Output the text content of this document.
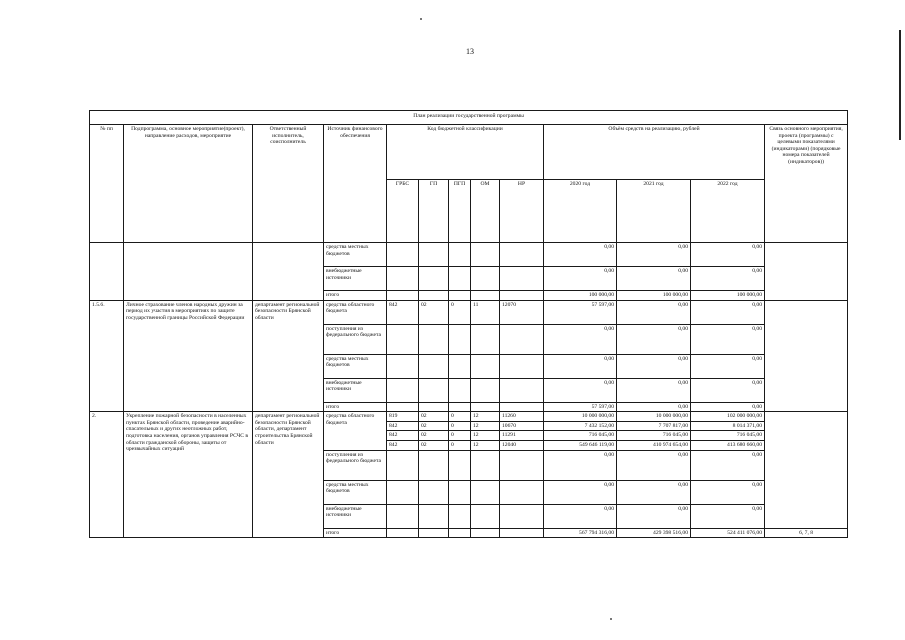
13
План реализации государственной программы												
№ пп	Подпрограмма, основное мероприятие(проект), направление расходов, мероприятие	Ответственный исполнитель, соисполнитель	Источник финансового обеспечения	Код бюджетной классификации					Объём средств на реализацию, рублей			Связь основного мероприятия, проекта (программы) с целевыми показателями (индикаторами) (порядковые номера показателей (индикаторов))
				ГРБС	ГП	ПГП	ОМ	НР	2020 год	2021 год	2022 год	
			средства местных бюджетов						0,00	0,00	0,00	
			внебюджетные источники						0,00	0,00	0,00	
			итого						100 000,00	100 000,00	100 000,00	
1.5.6.	Личное страхование членов народных дружин за период их участия в мероприятиях по защите государственной границы Российской Федерации	департамент региональной безопасности Брянской области	средства областного бюджета	842	02	0	11	12070	57 597,00	0,00	0,00	
			поступления из федерального бюджета						0,00	0,00	0,00	
			средства местных бюджетов						0,00	0,00	0,00	
			внебюджетные источники						0,00	0,00	0,00	
			итого						57 597,00	0,00	0,00	
2.	Укрепление пожарной безопасности в населенных пунктах Брянской области, проведение аварийно-спасательных и других неотложных работ, подготовка населения, органов управления РСЧС в области гражданской обороны, защиты от чрезвычайных ситуаций	департамент региональной безопасности Брянской области, департамент строительства Брянской области	средства областного бюджета	819	02	0	12	11260	10 000 000,00	10 000 000,00	102 000 000,00	
				842	02	0	12	10670	7 432 152,00	7 707 817,00	8 014 371,00	
				842	02	0	12	11291	716 045,00	716 045,00	716 045,00	
				842	02	0	12	12040	549 646 119,00	410 974 654,00	413 680 660,00	
			поступления из федерального бюджета						0,00	0,00	0,00	
			средства местных бюджетов						0,00	0,00	0,00	
			внебюджетные источники						0,00	0,00	0,00	
			итого						567 794 316,00	429 398 516,00	524 411 076,00	6, 7, 8
